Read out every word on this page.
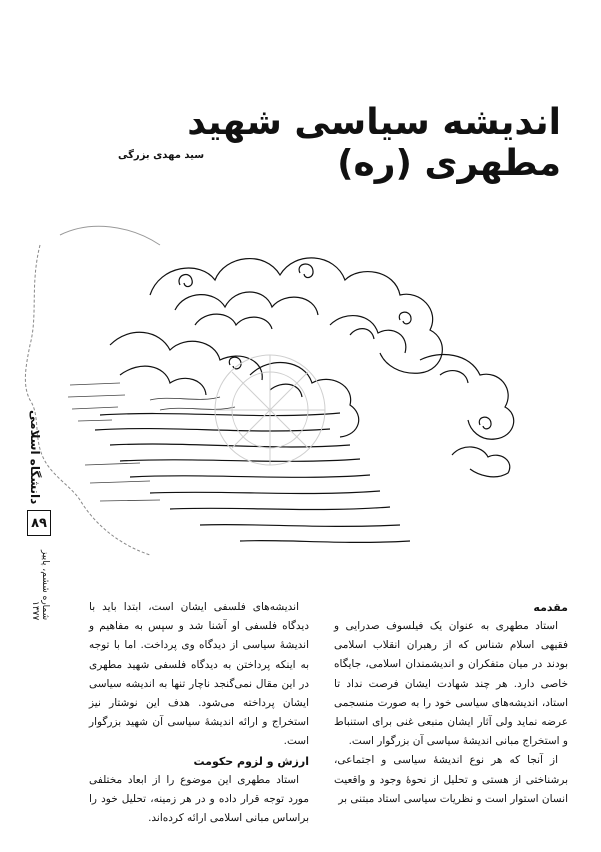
اندیشه سیاسی شهید مطهری (ره)
سید مهدی بزرگی
دانشگاه اسلامی
۸۹
شماره ششم، پاییز ۱۳۷۷	مقدمه

استاد مطهری به عنوان یک فیلسوف صدرایی و فقیهی اسلام شناس که از رهبران انقلاب اسلامی بودند در میان متفکران و اندیشمندان اسلامی، جایگاه خاصی دارد. هر چند شهادت ایشان فرصت نداد تا استاد، اندیشه‌های سیاسی خود را به صورت منسجمی عرضه نماید ولی آثار ایشان منبعی غنی برای استنباط و استخراج مبانی اندیشهٔ سیاسی آن بزرگوار است.

از آنجا که هر نوع اندیشهٔ سیاسی و اجتماعی، برشناختی از هستی و تحلیل از نحوهٔ وجود و واقعیت انسان استوار است و نظریات سیاسی استاد مبتنی بر

اندیشه‌های فلسفی ایشان است، ابتدا باید با دیدگاه فلسفی او آشنا شد و سپس به مفاهیم و اندیشهٔ سیاسی از دیدگاه وی پرداخت. اما با توجه به اینکه پرداختن به دیدگاه فلسفی شهید مطهری در این مقال نمی‌گنجد ناچار تنها به اندیشه سیاسی ایشان پرداخته می‌شود. هدف این نوشتار نیز استخراج و ارائه اندیشهٔ سیاسی آن شهید بزرگوار است.

ارزش و لزوم حکومت

استاد مطهری این موضوع را از ابعاد مختلفی مورد توجه قرار داده و در هر زمینه، تحلیل خود را براساس مبانی اسلامی ارائه کرده‌اند.
